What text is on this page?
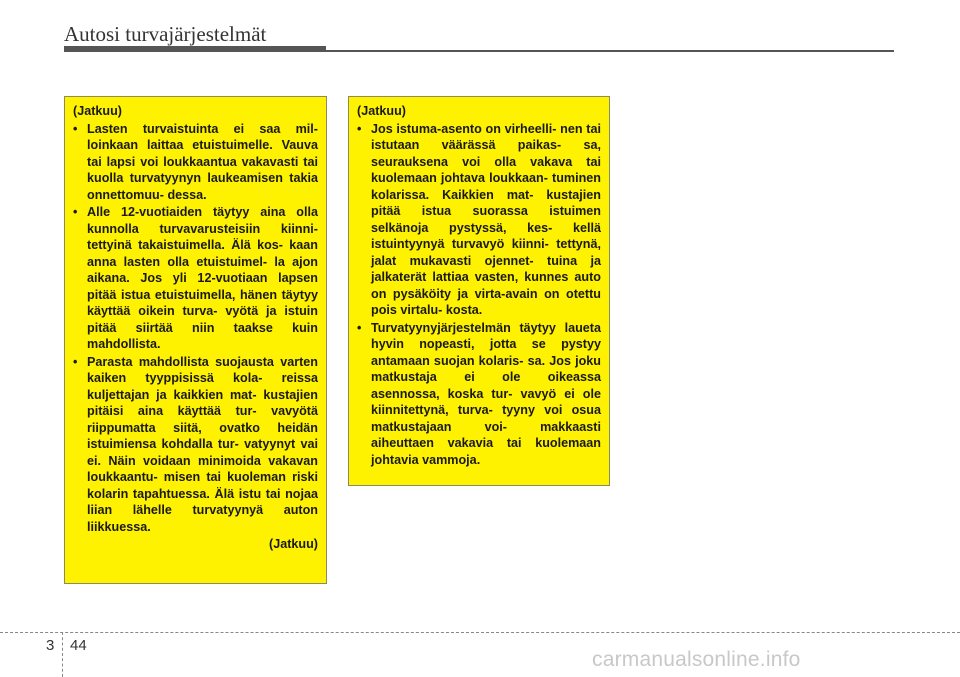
Autosi turvajärjestelmät
(Jatkuu)
• Lasten turvaistuinta ei saa mil- loinkaan laittaa etuistuimelle. Vauva tai lapsi voi loukkaantua vakavasti tai kuolla turvatyynyn laukeamisen takia onnettomuu- dessa.
• Alle 12-vuotiaiden täytyy aina olla kunnolla turvavarusteisiin kiinni- tettyinä takaistuimella. Älä kos- kaan anna lasten olla etuistuimel- la ajon aikana. Jos yli 12-vuotiaan lapsen pitää istua etuistuimella, hänen täytyy käyttää oikein turva- vyötä ja istuin pitää siirtää niin taakse kuin mahdollista.
• Parasta mahdollista suojausta varten kaiken tyyppisissä kola- reissa kuljettajan ja kaikkien mat- kustajien pitäisi aina käyttää tur- vavyötä riippumatta siitä, ovatko heidän istuimiensa kohdalla tur- vatyynyt vai ei. Näin voidaan minimoida vakavan loukkaantu- misen tai kuoleman riski kolarin tapahtuessa. Älä istu tai nojaa liian lähelle turvatyynyä auton liikkuessa.
(Jatkuu)
(Jatkuu)
• Jos istuma-asento on virheelli- nen tai istutaan väärässä paikas- sa, seurauksena voi olla vakava tai kuolemaan johtava loukkaan- tuminen kolarissa. Kaikkien mat- kustajien pitää istua suorassa istuimen selkänoja pystyssä, kes- kellä istuintyynyä turvavyö kiinni- tettynä, jalat mukavasti ojennet- tuina ja jalkaterät lattiaa vasten, kunnes auto on pysäköity ja virta-avain on otettu pois virtalu- kosta.
• Turvatyynyjärjestelmän täytyy laueta hyvin nopeasti, jotta se pystyy antamaan suojan kolaris- sa. Jos joku matkustaja ei ole oikeassa asennossa, koska tur- vavyö ei ole kiinnitettynä, turva- tyyny voi osua matkustajaan voi- makkaasti aiheuttaen vakavia tai kuolemaan johtavia vammoja.
3 44
carmanualsonline.info
